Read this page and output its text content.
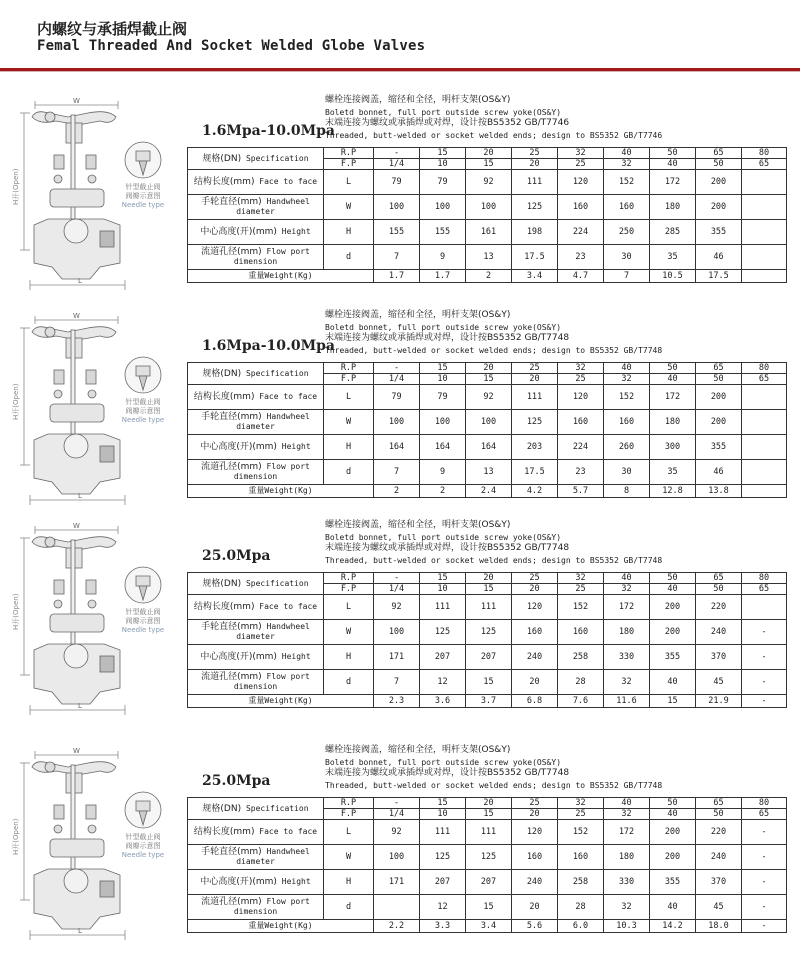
内螺纹与承插焊截止阀
Femal Threaded And Socket Welded Globe Valves
W
L
H开(Open)	针型截止阀
阀瓣示意图
Needle type
1.6Mpa-10.0Mpa
螺栓连接阀盖，缩径和全径，明杆支架(OS&Y)
Boletd bonnet, full port outside screw yoke(OS&Y)
末端连接为螺纹或承插焊或对焊，设计按BS5352 GB/T7746
Threaded, butt-welded or socket welded ends; design to BS5352 GB/T7746
规格(DN) Specification	R.P	-	15	20	25	32	40	50	65	80
	F.P	1/4	10	15	20	25	32	40	50	65
结构长度(mm) Face to face	L	79	79	92	111	120	152	172	200	
手轮直径(mm) Handwheel diameter	W	100	100	100	125	160	160	180	200	
中心高度(开)(mm) Height	H	155	155	161	198	224	250	285	355	
流道孔径(mm) Flow port dimension	d	7	9	13	17.5	23	30	35	46	
重量Weight(Kg)		1.7	1.7	2	3.4	4.7	7	10.5	17.5	
W
L
H开(Open)	针型截止阀
阀瓣示意图
Needle type
1.6Mpa-10.0Mpa
螺栓连接阀盖，缩径和全径，明杆支架(OS&Y)
Boletd bonnet, full port outside screw yoke(OS&Y)
末端连接为螺纹或承插焊或对焊，设计按BS5352 GB/T7748
Threaded, butt-welded or socket welded ends; design to BS5352 GB/T7748
规格(DN) Specification	R.P	-	15	20	25	32	40	50	65	80
	F.P	1/4	10	15	20	25	32	40	50	65
结构长度(mm) Face to face	L	79	79	92	111	120	152	172	200	
手轮直径(mm) Handwheel diameter	W	100	100	100	125	160	160	180	200	
中心高度(开)(mm) Height	H	164	164	164	203	224	260	300	355	
流道孔径(mm) Flow port dimension	d	7	9	13	17.5	23	30	35	46	
重量Weight(Kg)		2	2	2.4	4.2	5.7	8	12.8	13.8	
W
L
H开(Open)	针型截止阀
阀瓣示意图
Needle type
25.0Mpa
螺栓连接阀盖，缩径和全径，明杆支架(OS&Y)
Boletd bonnet, full port outside screw yoke(OS&Y)
末端连接为螺纹或承插焊或对焊，设计按BS5352 GB/T7748
Threaded, butt-welded or socket welded ends; design to BS5352 GB/T7748
规格(DN) Specification	R.P	-	15	20	25	32	40	50	65	80
	F.P	1/4	10	15	20	25	32	40	50	65
结构长度(mm) Face to face	L	92	111	111	120	152	172	200	220	
手轮直径(mm) Handwheel diameter	W	100	125	125	160	160	180	200	240	-
中心高度(开)(mm) Height	H	171	207	207	240	258	330	355	370	-
流道孔径(mm) Flow port dimension	d	7	12	15	20	28	32	40	45	-
重量Weight(Kg)		2.3	3.6	3.7	6.8	7.6	11.6	15	21.9	-
W
L
H开(Open)	针型截止阀
阀瓣示意图
Needle type
25.0Mpa
螺栓连接阀盖，缩径和全径，明杆支架(OS&Y)
Boletd bonnet, full port outside screw yoke(OS&Y)
末端连接为螺纹或承插焊或对焊，设计按BS5352 GB/T7748
Threaded, butt-welded or socket welded ends; design to BS5352 GB/T7748
规格(DN) Specification	R.P	-	15	20	25	32	40	50	65	80
	F.P	1/4	10	15	20	25	32	40	50	65
结构长度(mm) Face to face	L	92	111	111	120	152	172	200	220	-
手轮直径(mm) Handwheel diameter	W	100	125	125	160	160	180	200	240	-
中心高度(开)(mm) Height	H	171	207	207	240	258	330	355	370	-
流道孔径(mm) Flow port dimension	d		12	15	20	28	32	40	45	-
重量Weight(Kg)		2.2	3.3	3.4	5.6	6.0	10.3	14.2	18.0	-
